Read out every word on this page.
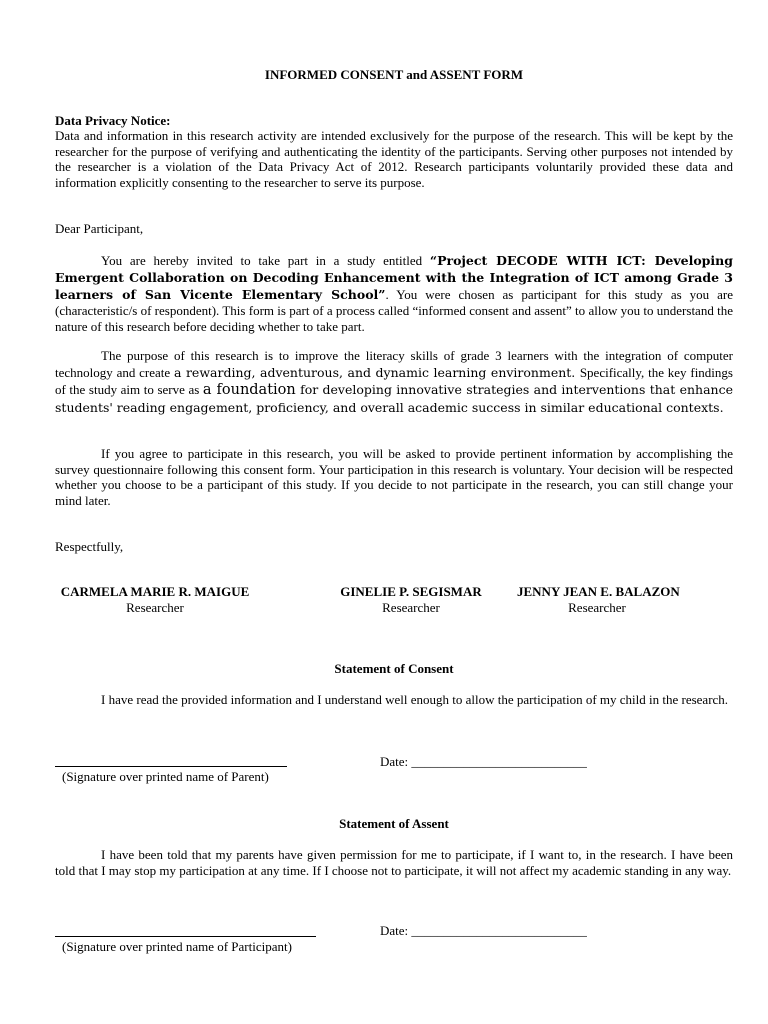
INFORMED CONSENT and ASSENT FORM
Data Privacy Notice:
Data and information in this research activity are intended exclusively for the purpose of the research. This will be kept by the researcher for the purpose of verifying and authenticating the identity of the participants. Serving other purposes not intended by the researcher is a violation of the Data Privacy Act of 2012. Research participants voluntarily provided these data and information explicitly consenting to the researcher to serve its purpose.
Dear Participant,
You are hereby invited to take part in a study entitled “Project DECODE WITH ICT: Developing Emergent Collaboration on Decoding Enhancement with the Integration of ICT among Grade 3 learners of San Vicente Elementary School”. You were chosen as participant for this study as you are (characteristic/s of respondent). This form is part of a process called “informed consent and assent” to allow you to understand the nature of this research before deciding whether to take part.
The purpose of this research is to improve the literacy skills of grade 3 learners with the integration of computer technology and create a rewarding, adventurous, and dynamic learning environment. Specifically, the key findings of the study aim to serve as a foundation for developing innovative strategies and interventions that enhance students' reading engagement, proficiency, and overall academic success in similar educational contexts.
If you agree to participate in this research, you will be asked to provide pertinent information by accomplishing the survey questionnaire following this consent form. Your participation in this research is voluntary. Your decision will be respected whether you choose to be a participant of this study. If you decide to not participate in the research, you can still change your mind later.
Respectfully,
CARMELA MARIE R. MAIGUE
Researcher
GINELIE P. SEGISMAR
Researcher
JENNY JEAN E. BALAZON
Researcher
Statement of Consent
I have read the provided information and I understand well enough to allow the participation of my child in the research.
(Signature over printed name of Parent)
Date: ___________________________
Statement of Assent
I have been told that my parents have given permission for me to participate, if I want to, in the research. I have been told that I may stop my participation at any time. If I choose not to participate, it will not affect my academic standing in any way.
(Signature over printed name of Participant)
Date: ___________________________
